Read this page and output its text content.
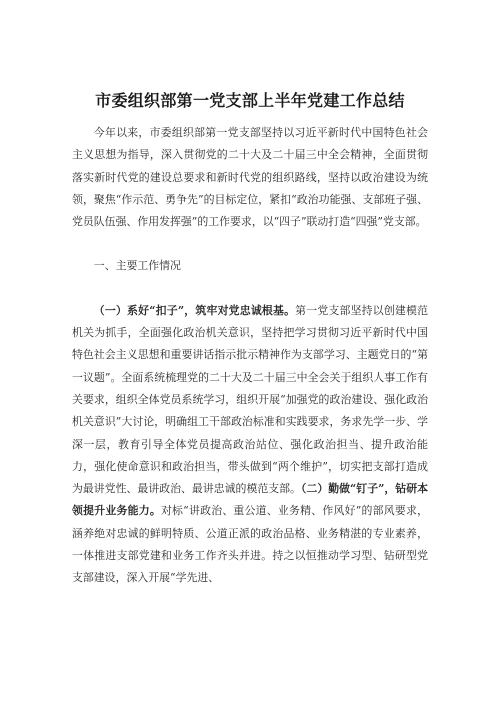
市委组织部第一党支部上半年党建工作总结

今年以来，市委组织部第一党支部坚持以习近平新时代中国特色社会主义思想为指导，深入贯彻党的二十大及二十届三中全会精神，全面贯彻落实新时代党的建设总要求和新时代党的组织路线，坚持以政治建设为统领，聚焦“作示范、勇争先”的目标定位，紧扣“政治功能强、支部班子强、党员队伍强、作用发挥强”的工作要求，以“四子”联动打造“四强”党支部。

一、主要工作情况

（一）系好“扣子”，筑牢对党忠诚根基。第一党支部坚持以创建模范机关为抓手，全面强化政治机关意识，坚持把学习贯彻习近平新时代中国特色社会主义思想和重要讲话指示批示精神作为支部学习、主题党日的“第一议题”。全面系统梳理党的二十大及二十届三中全会关于组织人事工作有关要求，组织全体党员系统学习，组织开展“加强党的政治建设、强化政治机关意识”大讨论，明确组工干部政治标准和实践要求，务求先学一步、学深一层，教育引导全体党员提高政治站位、强化政治担当、提升政治能力，强化使命意识和政治担当，带头做到“两个维护”，切实把支部打造成为最讲党性、最讲政治、最讲忠诚的模范支部。（二）勤做“钉子”，钻研本领提升业务能力。对标“讲政治、重公道、业务精、作风好”的部风要求，涵养绝对忠诚的鲜明特质、公道正派的政治品格、业务精湛的专业素养，一体推进支部党建和业务工作齐头并进。持之以恒推动学习型、钻研型党支部建设，深入开展“学先进、
